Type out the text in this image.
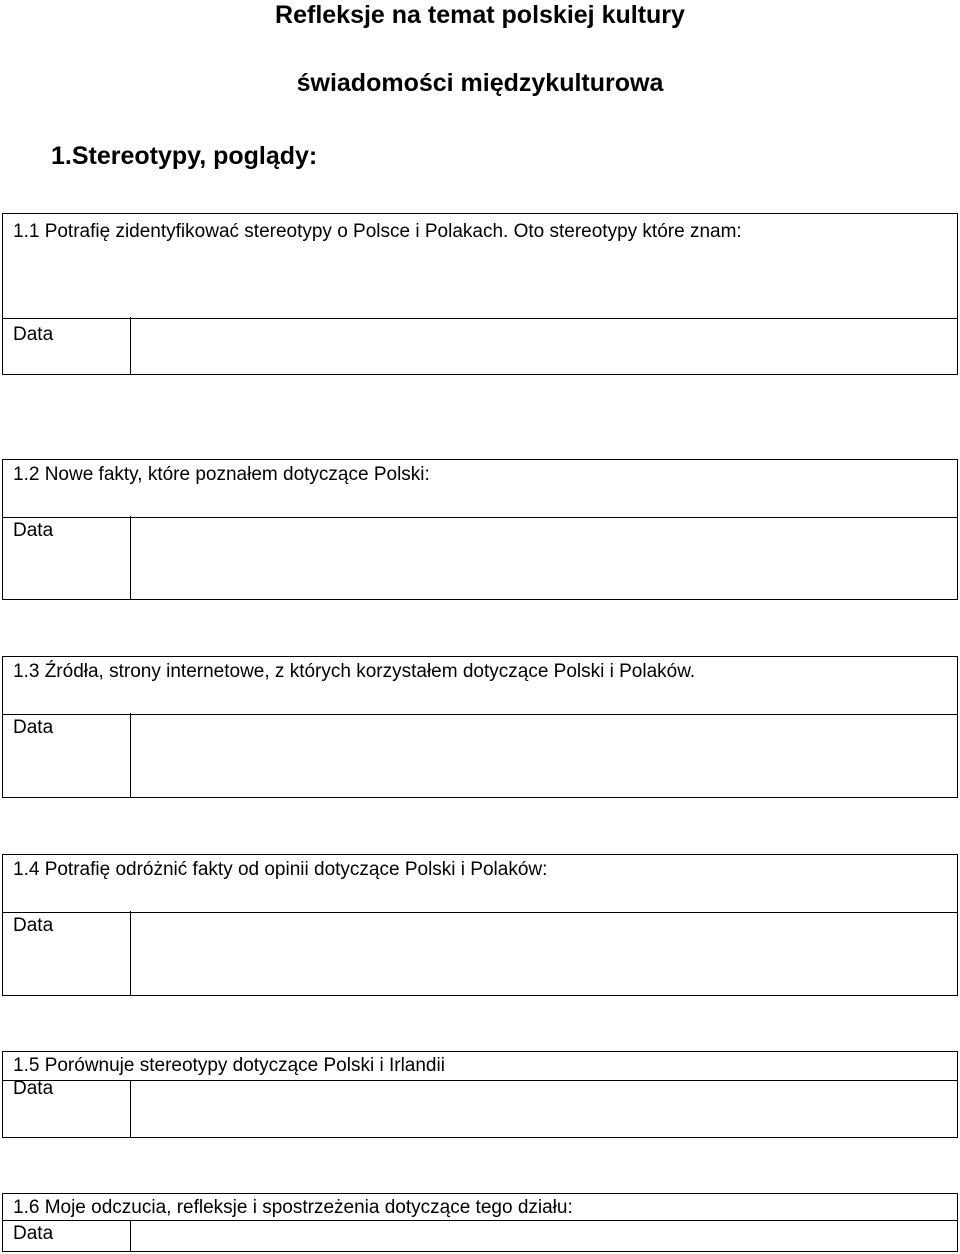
Refleksje na temat polskiej kultury
świadomości międzykulturowa
1.Stereotypy, poglądy:
1.1 Potrafię zidentyfikować stereotypy o Polsce i Polakach. Oto stereotypy które znam:
Data
1.2 Nowe fakty, które poznałem dotyczące Polski:
Data
1.3 Źródła, strony internetowe, z których korzystałem dotyczące Polski i Polaków.
Data
1.4 Potrafię odróżnić fakty od opinii dotyczące Polski i Polaków:
Data
1.5 Porównuje stereotypy dotyczące Polski i Irlandii
Data
1.6 Moje odczucia, refleksje i spostrzeżenia dotyczące tego działu:
Data
